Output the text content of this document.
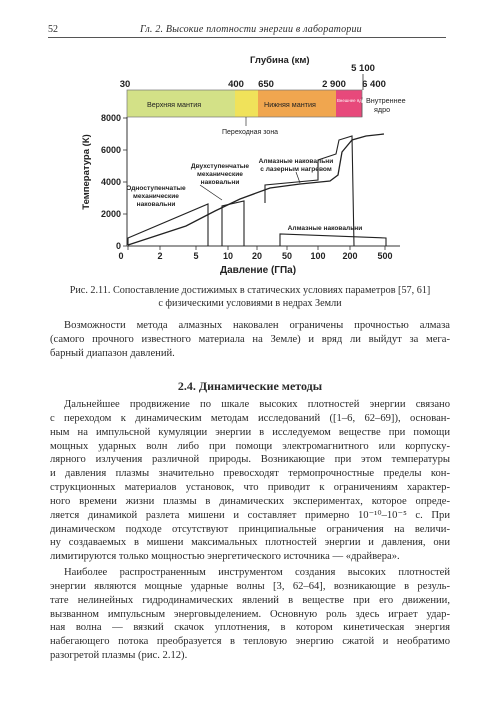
52	Гл. 2. Высокие плотности энергии в лаборатории
Глубина (км)
30	400 650	2 900
5 100
6 400
Верхняя мантия	Нижняя мантия	Внешнее ядро Внутреннее
ядро
Переходная зона
0
2000
4000
6000
8000
Температура (К)
0	2	5	10 20 50 100 200 500
Давление (ГПа)
Двухступенчатые
механические
наковальни
Алмазные наковальни
с лазерным нагревом
Одноступенчатые
механические
наковальни
Алмазные наковальни
Рис. 2.11. Сопоставление достижимых в статических условиях параметров [57, 61]
с физическими условиями в недрах Земли
Возможности метода алмазных наковален ограничены прочностью алмаза
(самого прочного известного материала на Земле) и вряд ли выйдут за мега-
барный диапазон давлений.
2.4. Динамические методы
Дальнейшее продвижение по шкале высоких плотностей энергии связано
с переходом к динамическим методам исследований ([1–6, 62–69]), основан-
ным на импульсной кумуляции энергии в исследуемом веществе при помощи
мощных ударных волн либо при помощи электромагнитного или корпуску-
лярного излучения различной природы. Возникающие при этом температуры
и давления плазмы значительно превосходят термопрочностные пределы кон-
струкционных материалов установок, что приводит к ограничениям характер-
ного времени жизни плазмы в динамических экспериментах, которое опреде-
ляется динамикой разлета мишени и составляет примерно 10⁻¹⁰–10⁻⁵ с. При
динамическом подходе отсутствуют принципиальные ограничения на величи-
ну создаваемых в мишени максимальных плотностей энергии и давления, они
лимитируются только мощностью энергетического источника — «драйвера».
Наиболее распространенным инструментом создания высоких плотностей
энергии являются мощные ударные волны [3, 62–64], возникающие в резуль-
тате нелинейных гидродинамических явлений в веществе при его движении,
вызванном импульсным энерговыделением. Основную роль здесь играет удар-
ная волна — вязкий скачок уплотнения, в котором кинетическая энергия
набегающего потока преобразуется в тепловую энергию сжатой и необратимо
разогретой плазмы (рис. 2.12).
